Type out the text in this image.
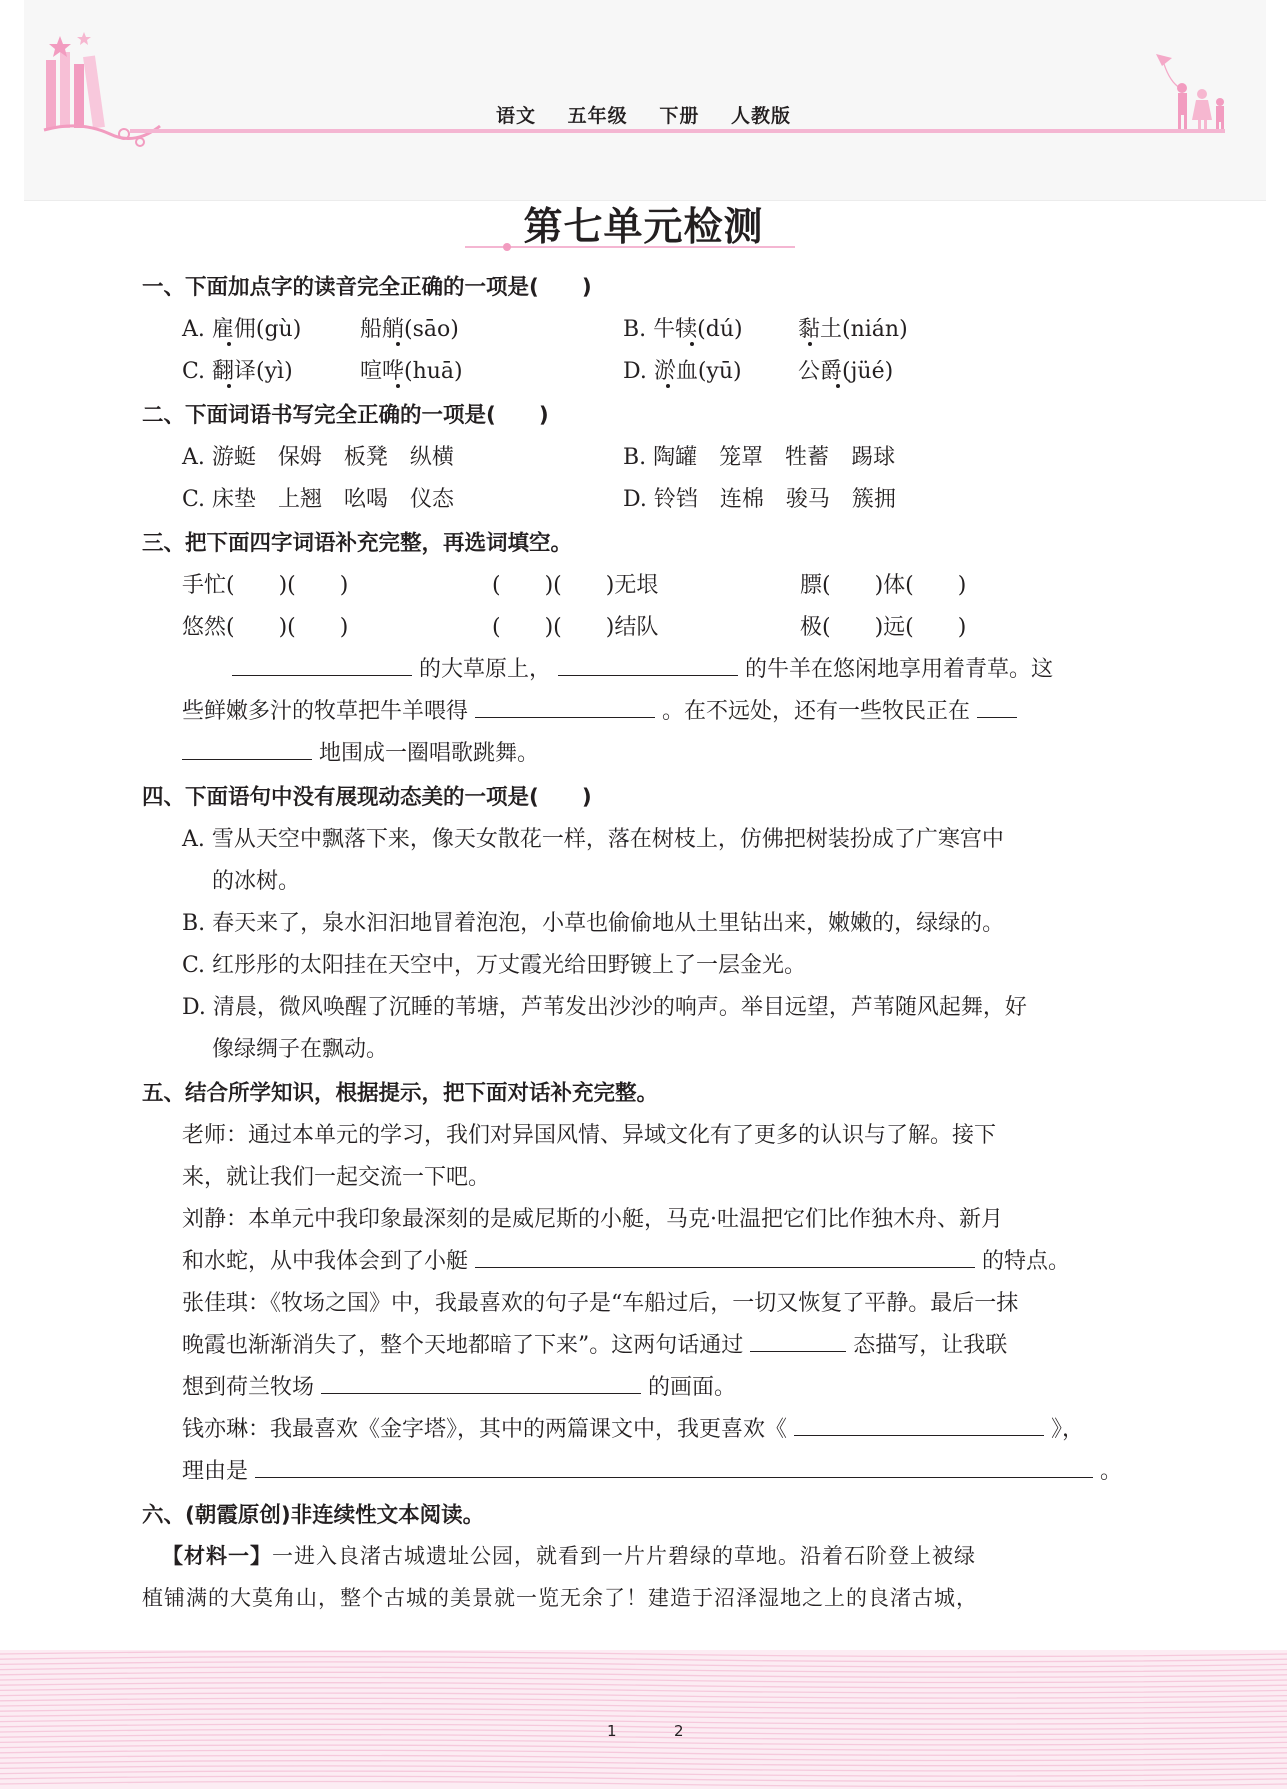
语文 五年级 下册 人教版
第七单元检测
一、下面加点字的读音完全正确的一项是(　　)
A. 雇佣(gù)	船艄(sāo)	B. 牛犊(dú)	黏土(nián)
C. 翻译(yì)	喧哗(huā)	D. 淤血(yū)	公爵(jüé)
二、下面词语书写完全正确的一项是(　　)
A. 游蜓　保姆　板凳　纵横	B. 陶罐　笼罩　牲蓄　踢球
C. 床垫　上翘　吆喝　仪态	D. 铃铛　连棉　骏马　簇拥
三、把下面四字词语补充完整，再选词填空。
手忙(　　)(　　)	(　　)(　　)无垠	膘(　　)体(　　)
悠然(　　)(　　)	(　　)(　　)结队	极(　　)远(　　)
的大草原上，	的牛羊在悠闲地享用着青草。这
些鲜嫩多汁的牧草把牛羊喂得	。在不远处，还有一些牧民正在
地围成一圈唱歌跳舞。
四、下面语句中没有展现动态美的一项是(　　)
A. 雪从天空中飘落下来，像天女散花一样，落在树枝上，仿佛把树装扮成了广寒宫中
的冰树。
B. 春天来了，泉水汩汩地冒着泡泡，小草也偷偷地从土里钻出来，嫩嫩的，绿绿的。
C. 红彤彤的太阳挂在天空中，万丈霞光给田野镀上了一层金光。
D. 清晨，微风唤醒了沉睡的苇塘，芦苇发出沙沙的响声。举目远望，芦苇随风起舞，好
像绿绸子在飘动。
五、结合所学知识，根据提示，把下面对话补充完整。
老师：通过本单元的学习，我们对异国风情、异域文化有了更多的认识与了解。接下
来，就让我们一起交流一下吧。
刘静：本单元中我印象最深刻的是威尼斯的小艇，马克·吐温把它们比作独木舟、新月
和水蛇，从中我体会到了小艇	的特点。
张佳琪：《牧场之国》中，我最喜欢的句子是“车船过后，一切又恢复了平静。最后一抹
晚霞也渐渐消失了，整个天地都暗了下来”。这两句话通过	态描写，让我联
想到荷兰牧场	的画面。
钱亦琳：我最喜欢《金字塔》，其中的两篇课文中，我更喜欢《	》，
理由是	。
六、(朝霞原创)非连续性文本阅读。
【材料一】一进入良渚古城遗址公园，就看到一片片碧绿的草地。沿着石阶登上被绿
植铺满的大莫角山，整个古城的美景就一览无余了！建造于沼泽湿地之上的良渚古城，
1	2
